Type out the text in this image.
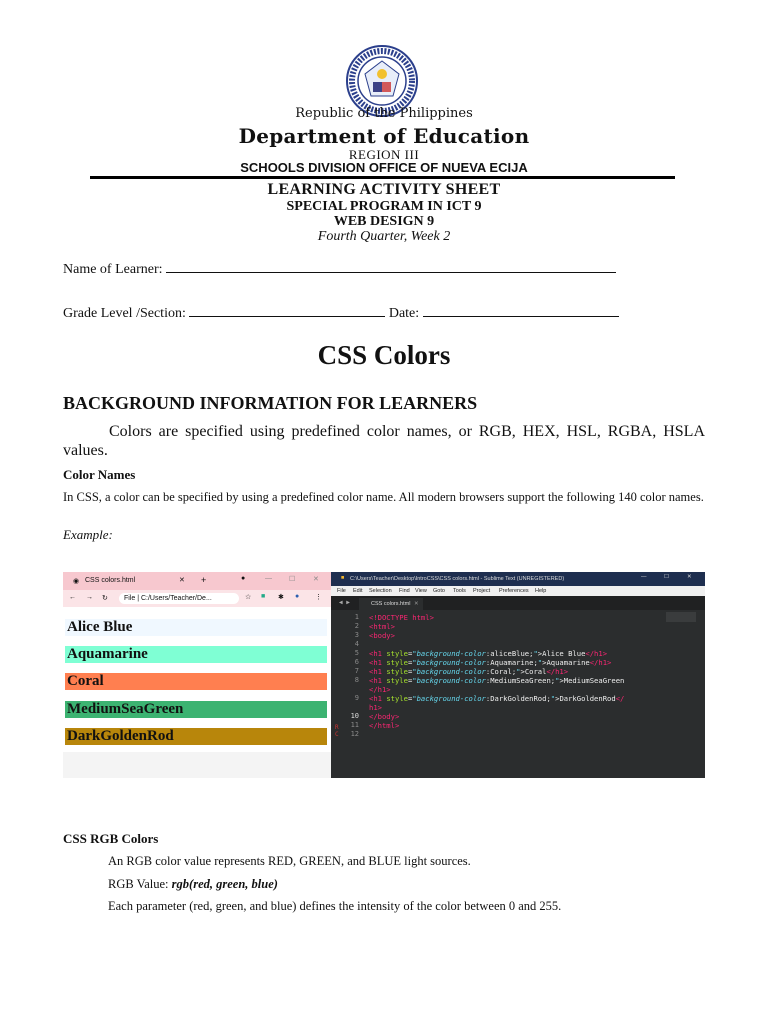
Republic of the Philippines
Department of Education
REGION III
SCHOOLS DIVISION OFFICE OF NUEVA ECIJA
LEARNING ACTIVITY SHEET
SPECIAL PROGRAM IN ICT 9
WEB DESIGN 9
Fourth Quarter, Week 2
Name of Learner:
Grade Level /Section:	Date:
CSS Colors
BACKGROUND INFORMATION FOR LEARNERS
Colors are specified using predefined color names, or RGB, HEX, HSL, RGBA, HSLA values.
Color Names
In CSS, a color can be specified by using a predefined color name. All modern browsers support the following 140 color names.
Example:
◉ CSS colors.html	✕ +	●	— ☐	✕
← → ↻ File | C:/Users/Teacher/De...	☆ ■ ✱ ● ⋮
Alice Blue
Aquamarine
Coral
MediumSeaGreen
DarkGoldenRod
■ C:\Users\Teacher\Desktop\IntroCSS\CSS colors.html - Sublime Text (UNREGISTERED)	—	☐	✕
File Edit Selection Find View Goto Tools Project Preferences Help
◀ ▶	CSS colors.html ✕
1
2
3
4
5
6
7
8
9
10
11
12
R
C
<!DOCTYPE html>
<html>
<body>
<h1 style="background-color:aliceBlue;">Alice Blue</h1>
<h1 style="background-color:Aquamarine;">Aquamarine</h1>
<h1 style="background-color:Coral;">Coral</h1>
<h1 style="background-color:MediumSeaGreen;">MediumSeaGreen
</h1>
<h1 style="background-color:DarkGoldenRod;">DarkGoldenRod</
h1>
</body>
</html>
CSS RGB Colors
An RGB color value represents RED, GREEN, and BLUE light sources.
RGB Value: rgb(red, green, blue)
Each parameter (red, green, and blue) defines the intensity of the color between 0 and 255.
